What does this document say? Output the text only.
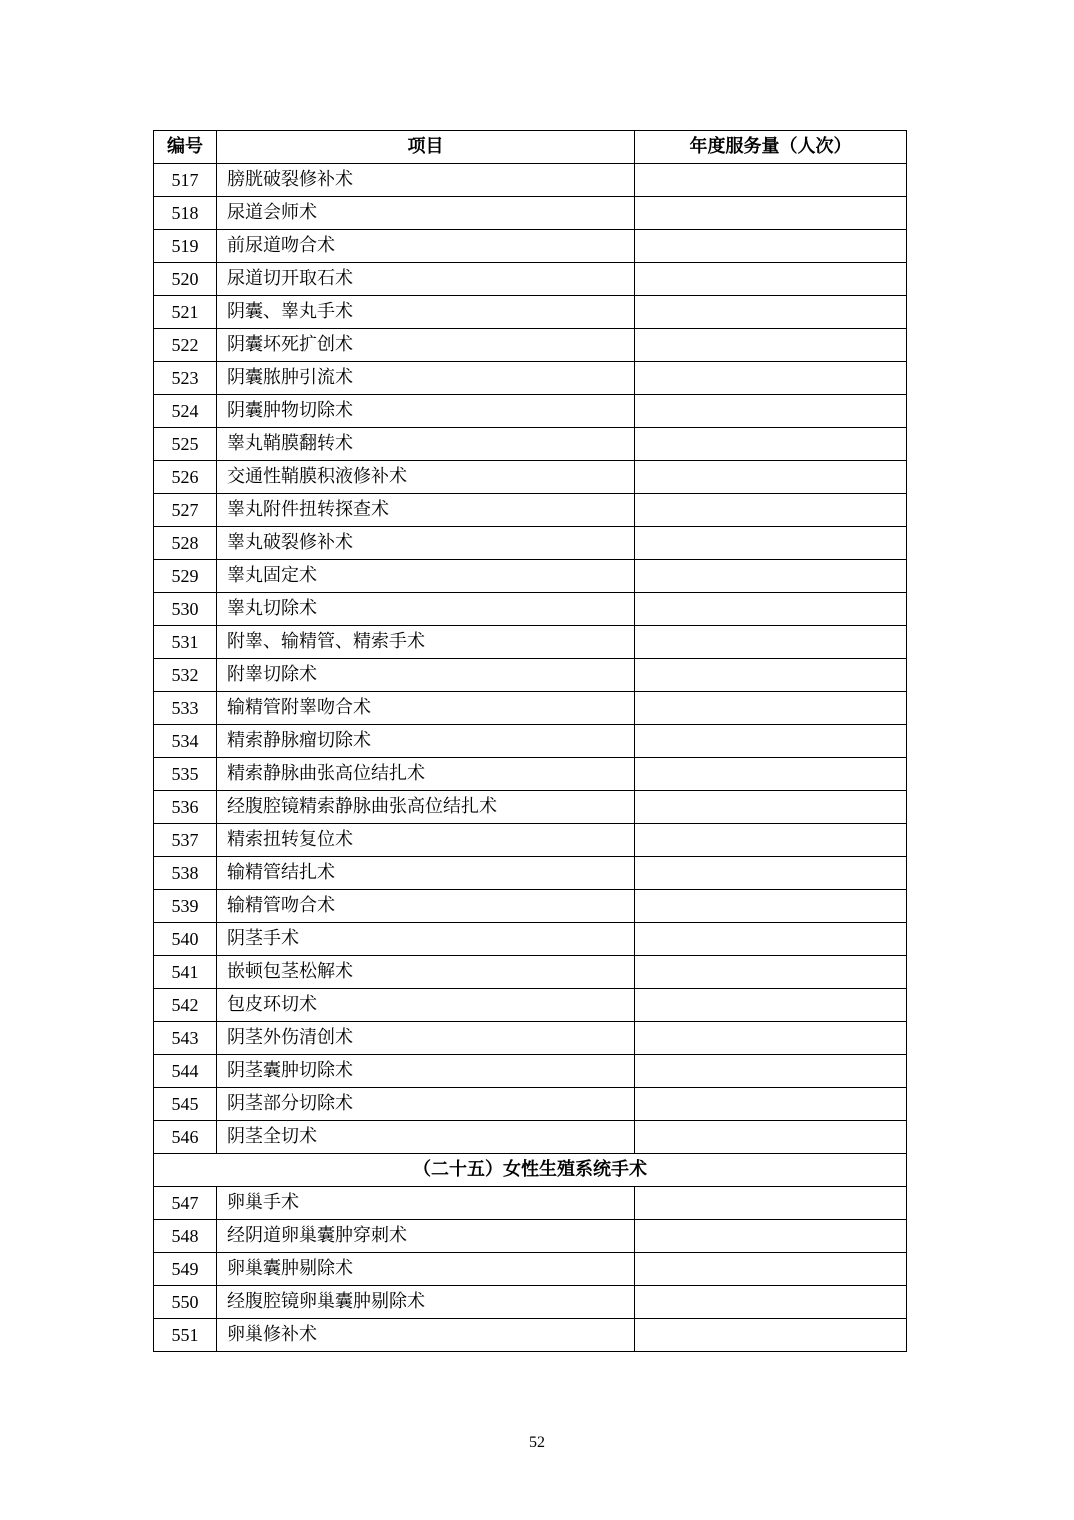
编号	项目	年度服务量（人次）
517	膀胱破裂修补术	
518	尿道会师术	
519	前尿道吻合术	
520	尿道切开取石术	
521	阴囊、睾丸手术	
522	阴囊坏死扩创术	
523	阴囊脓肿引流术	
524	阴囊肿物切除术	
525	睾丸鞘膜翻转术	
526	交通性鞘膜积液修补术	
527	睾丸附件扭转探查术	
528	睾丸破裂修补术	
529	睾丸固定术	
530	睾丸切除术	
531	附睾、输精管、精索手术	
532	附睾切除术	
533	输精管附睾吻合术	
534	精索静脉瘤切除术	
535	精索静脉曲张高位结扎术	
536	经腹腔镜精索静脉曲张高位结扎术	
537	精索扭转复位术	
538	输精管结扎术	
539	输精管吻合术	
540	阴茎手术	
541	嵌顿包茎松解术	
542	包皮环切术	
543	阴茎外伤清创术	
544	阴茎囊肿切除术	
545	阴茎部分切除术	
546	阴茎全切术	
（二十五）女性生殖系统手术		
547	卵巢手术	
548	经阴道卵巢囊肿穿刺术	
549	卵巢囊肿剔除术	
550	经腹腔镜卵巢囊肿剔除术	
551	卵巢修补术	
52
